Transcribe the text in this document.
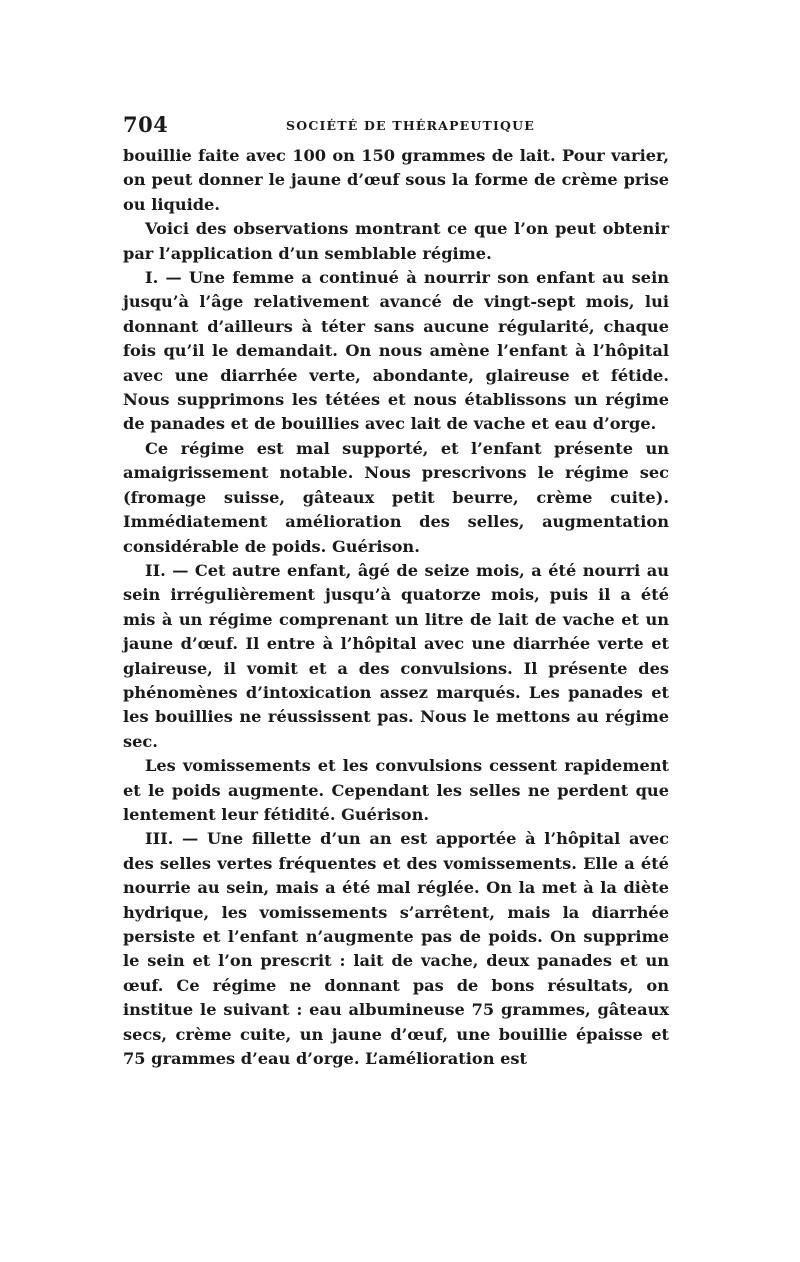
704	SOCIÉTÉ DE THÉRAPEUTIQUE

bouillie faite avec 100 on 150 grammes de lait. Pour varier, on peut donner le jaune d’œuf sous la forme de crème prise ou liquide.

Voici des observations montrant ce que l’on peut obtenir par l’application d’un semblable régime.

I. — Une femme a continué à nourrir son enfant au sein jusqu’à l’âge relativement avancé de vingt-sept mois, lui donnant d’ailleurs à téter sans aucune régularité, chaque fois qu’il le demandait. On nous amène l’enfant à l’hôpital avec une diarrhée verte, abondante, glaireuse et fétide. Nous supprimons les tétées et nous établissons un régime de panades et de bouillies avec lait de vache et eau d’orge.

Ce régime est mal supporté, et l’enfant présente un amaigrissement notable. Nous prescrivons le régime sec (fromage suisse, gâteaux petit beurre, crème cuite). Immédiatement amélioration des selles, augmentation considérable de poids. Guérison.

II. — Cet autre enfant, âgé de seize mois, a été nourri au sein irrégulièrement jusqu’à quatorze mois, puis il a été mis à un régime comprenant un litre de lait de vache et un jaune d’œuf. Il entre à l’hôpital avec une diarrhée verte et glaireuse, il vomit et a des convulsions. Il présente des phénomènes d’intoxication assez marqués. Les panades et les bouillies ne réussissent pas. Nous le mettons au régime sec.

Les vomissements et les convulsions cessent rapidement et le poids augmente. Cependant les selles ne perdent que lentement leur fétidité. Guérison.

III. — Une fillette d’un an est apportée à l’hôpital avec des selles vertes fréquentes et des vomissements. Elle a été nourrie au sein, mais a été mal réglée. On la met à la diète hydrique, les vomissements s’arrêtent, mais la diarrhée persiste et l’enfant n’augmente pas de poids. On supprime le sein et l’on prescrit : lait de vache, deux panades et un œuf. Ce régime ne donnant pas de bons résultats, on institue le suivant : eau albumineuse 75 grammes, gâteaux secs, crème cuite, un jaune d’œuf, une bouillie épaisse et 75 grammes d’eau d’orge. L’amélioration est
